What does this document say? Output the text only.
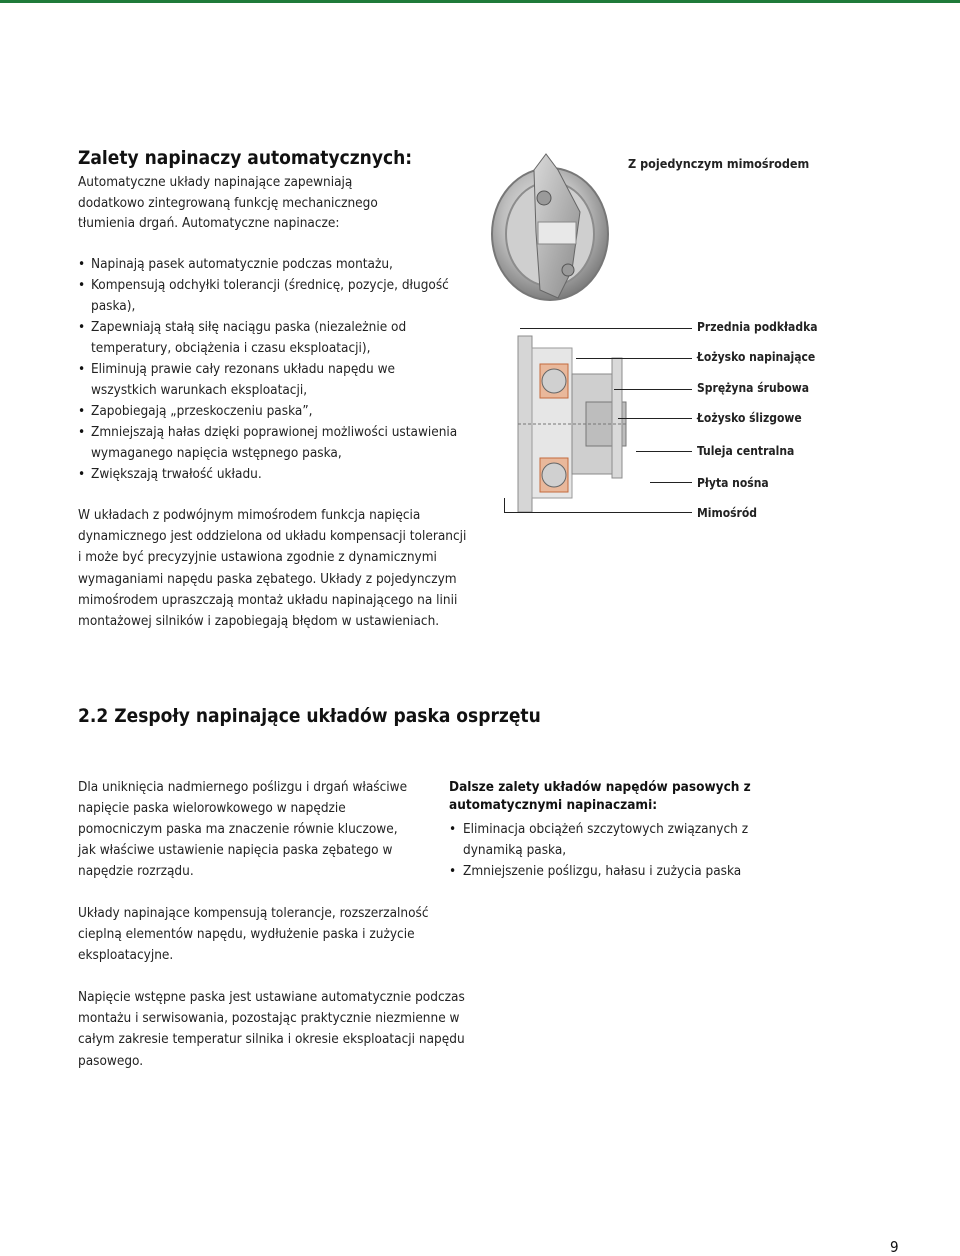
Zalety napinaczy automatycznych:
Automatyczne układy napinające zapewniają dodatkowo zintegrowaną funkcję mechanicznego tłumienia drgań. Automatyczne napinacze:
• Napinają pasek automatycznie podczas montażu,
• Kompensują odchyłki tolerancji (średnicę, pozycje, długość paska),
• Zapewniają stałą siłę naciągu paska (niezależnie od temperatury, obciążenia i czasu eksploatacji),
• Eliminują prawie cały rezonans układu napędu we wszystkich warunkach eksploatacji,
• Zapobiegają „przeskoczeniu paska”,
• Zmniejszają hałas dzięki poprawionej możliwości ustawienia wymaganego napięcia wstępnego paska,
• Zwiększają trwałość układu.

W układach z podwójnym mimośrodem funkcja napięcia dynamicznego jest oddzielona od układu kompensacji tolerancji i może być precyzyjnie ustawiona zgodnie z dynamicznymi wymaganiami napędu paska zębatego. Układy z pojedynczym mimośrodem upraszczają montaż układu napinającego na linii montażowej silników i zapobiegają błędom w ustawieniach.

Z pojedynczym mimośrodem
Przednia podkładka
Łożysko napinające
Sprężyna śrubowa
Łożysko ślizgowe
Tuleja centralna
Płyta nośna
Mimośród
2.2 Zespoły napinające układów paska osprzętu

Dla uniknięcia nadmiernego poślizgu i drgań właściwe napięcie paska wielorowkowego w napędzie pomocniczym paska ma znaczenie równie kluczowe, jak właściwe ustawienie napięcia paska zębatego w napędzie rozrządu.

Dalsze zalety układów napędów pasowych z automatycznymi napinaczami:
• Eliminacja obciążeń szczytowych związanych z dynamiką paska,
• Zmniejszenie poślizgu, hałasu i zużycia paska

Układy napinające kompensują tolerancje, rozszerzalność cieplną elementów napędu, wydłużenie paska i zużycie eksploatacyjne.

Napięcie wstępne paska jest ustawiane automatycznie podczas montażu i serwisowania, pozostając praktycznie niezmienne w całym zakresie temperatur silnika i okresie eksploatacji napędu pasowego.

9
